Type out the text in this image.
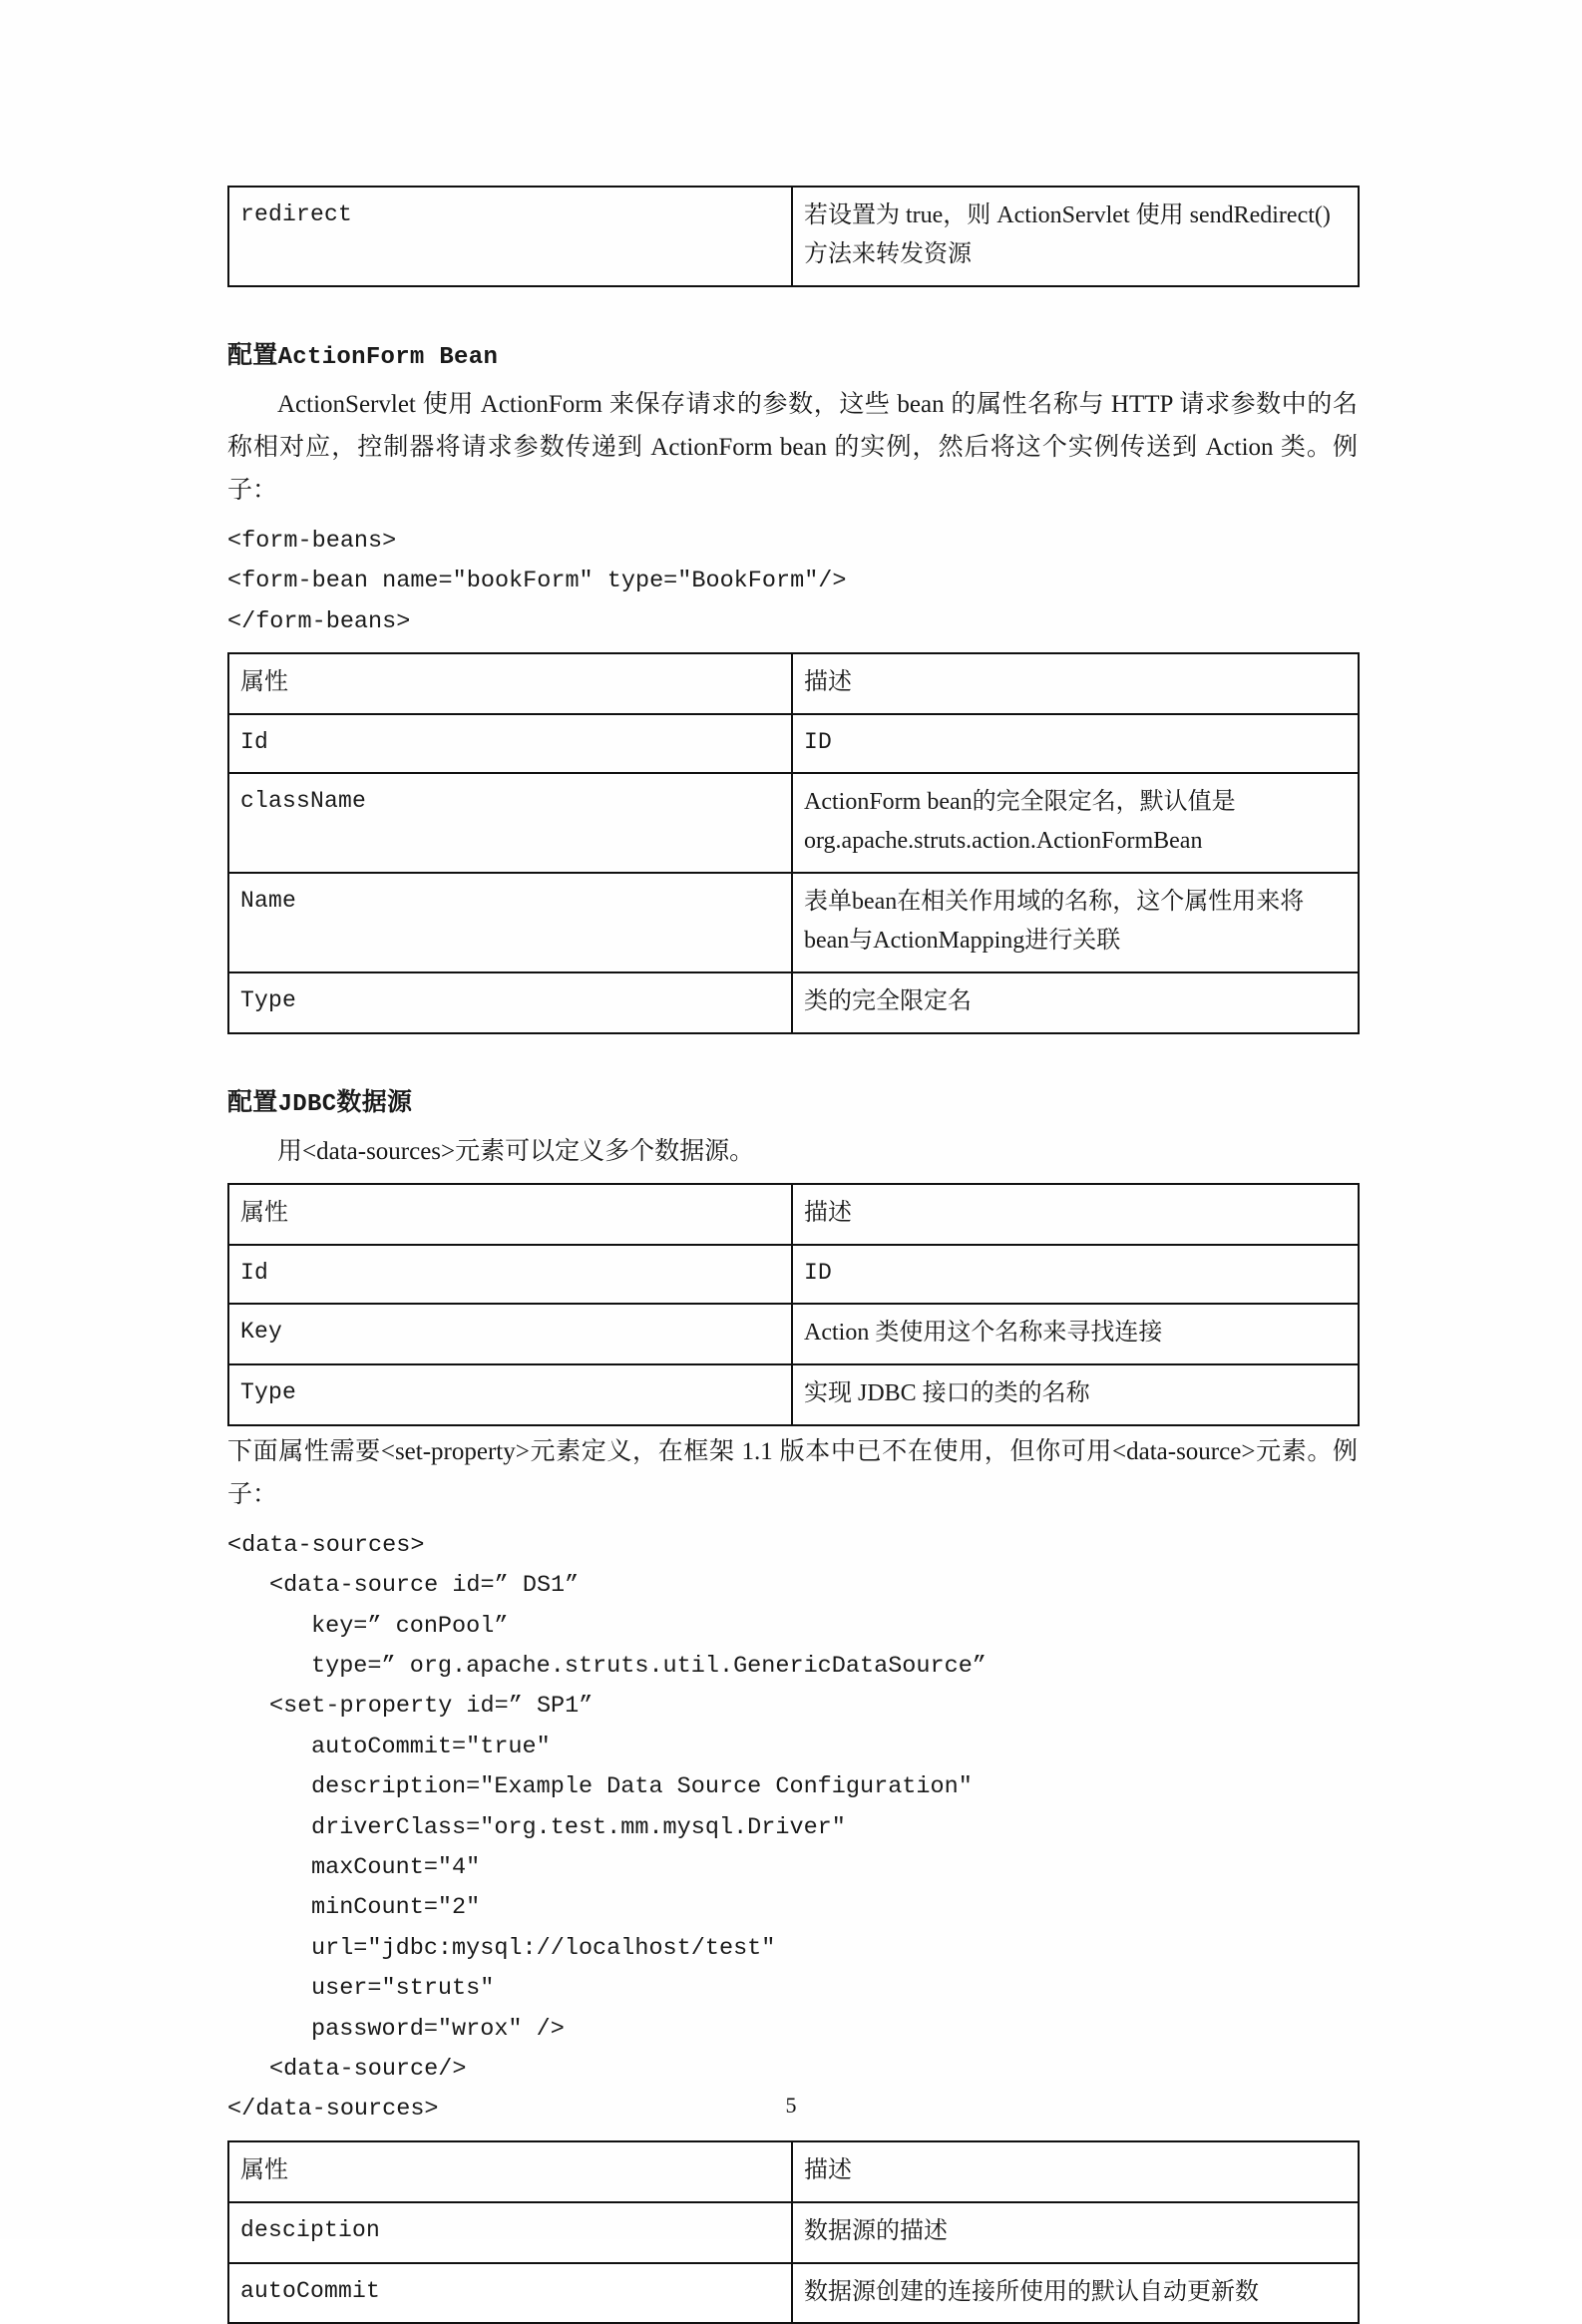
redirect	若设置为 true，则 ActionServlet 使用 sendRedirect()方法来转发资源
配置ActionForm Bean

ActionServlet 使用 ActionForm 来保存请求的参数，这些 bean 的属性名称与 HTTP 请求参数中的名称相对应，控制器将请求参数传递到 ActionForm bean 的实例，然后将这个实例传送到 Action 类。例子：

<form-beans>
<form-bean name="bookForm" type="BookForm"/>
</form-beans>
属性	描述
Id	ID
className	ActionForm bean的完全限定名，默认值是 org.apache.struts.action.ActionFormBean
Name	表单bean在相关作用域的名称，这个属性用来将bean与ActionMapping进行关联
Type	类的完全限定名
配置JDBC数据源

用<data-sources>元素可以定义多个数据源。

属性	描述
Id	ID
Key	Action 类使用这个名称来寻找连接
Type	实现 JDBC 接口的类的名称

下面属性需要<set-property>元素定义，在框架 1.1 版本中已不在使用，但你可用<data-source>元素。例子：

<data-sources>
<data-source id=” DS1”
key=” conPool”
type=” org.apache.struts.util.GenericDataSource”
<set-property id=” SP1”
autoCommit="true"
description="Example Data Source Configuration"
driverClass="org.test.mm.mysql.Driver"
maxCount="4"
minCount="2"
url="jdbc:mysql://localhost/test"
user="struts"
password="wrox" />
<data-source/>
</data-sources>
属性	描述
desciption	数据源的描述
autoCommit	数据源创建的连接所使用的默认自动更新数
5
